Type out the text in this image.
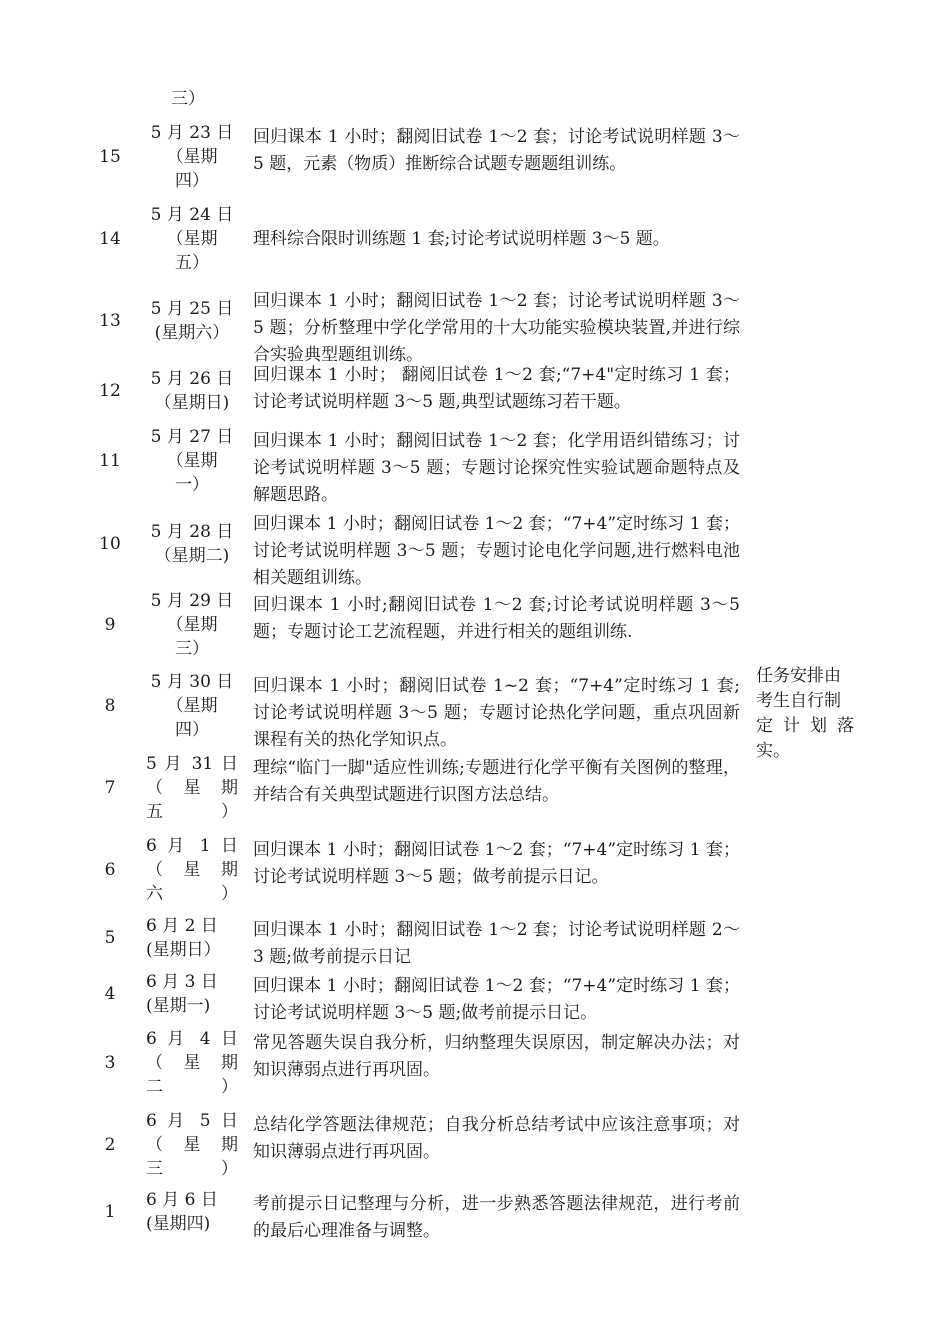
三）
15
5 月 23 日
（星期
四）
回归课本 1 小时；翻阅旧试卷 1～2 套；讨论考试说明样题 3～5 题，元素（物质）推断综合试题专题题组训练。
14
5 月 24 日
（星期
五）
理科综合限时训练题 1 套;讨论考试说明样题 3～5 题。
13
5 月 25 日
(星期六）
回归课本 1 小时；翻阅旧试卷 1～2 套；讨论考试说明样题 3～5 题；分析整理中学化学常用的十大功能实验模块装置,并进行综合实验典型题组训练。
12
5 月 26 日
（星期日)
回归课本 1 小时； 翻阅旧试卷 1～2 套;“7+4"定时练习 1 套；讨论考试说明样题 3～5 题,典型试题练习若干题。
11
5 月 27 日
（星期
一）
回归课本 1 小时；翻阅旧试卷 1～2 套；化学用语纠错练习；讨论考试说明样题 3～5 题；专题讨论探究性实验试题命题特点及解题思路。
10
5 月 28 日
（星期二)
回归课本 1 小时；翻阅旧试卷 1～2 套；“7+4”定时练习 1 套；讨论考试说明样题 3～5 题；专题讨论电化学问题,进行燃料电池相关题组训练。
9
5 月 29 日
（星期
三）
回归课本 1 小时;翻阅旧试卷 1～2 套;讨论考试说明样题 3～5 题；专题讨论工艺流程题，并进行相关的题组训练.
8
5 月 30 日
（星期
四）
回归课本 1 小时；翻阅旧试卷 1~2 套；“7+4”定时练习 1 套;讨论考试说明样题 3～5 题；专题讨论热化学问题，重点巩固新课程有关的热化学知识点。
7
5 月 31 日
（星期
五）
理综“临门一脚"适应性训练;专题进行化学平衡有关图例的整理，并结合有关典型试题进行识图方法总结。
6
6 月 1 日
（星期
六）
回归课本 1 小时；翻阅旧试卷 1～2 套；“7+4”定时练习 1 套；讨论考试说明样题 3～5 题；做考前提示日记。
5
6 月 2 日
(星期日）
回归课本 1 小时；翻阅旧试卷 1～2 套；讨论考试说明样题 2～3 题;做考前提示日记
4
6 月 3 日
(星期一)
回归课本 1 小时；翻阅旧试卷 1～2 套；“7+4”定时练习 1 套；讨论考试说明样题 3～5 题;做考前提示日记。
3
6 月 4 日
（星期
二）
常见答题失误自我分析，归纳整理失误原因，制定解决办法；对知识薄弱点进行再巩固。
2
6 月 5 日
（星期
三）
总结化学答题法律规范；自我分析总结考试中应该注意事项；对知识薄弱点进行再巩固。
1
6 月 6 日
(星期四)
考前提示日记整理与分析，进一步熟悉答题法律规范，进行考前的最后心理准备与调整。
任务安排由
考生自行制
定计划落
实。
